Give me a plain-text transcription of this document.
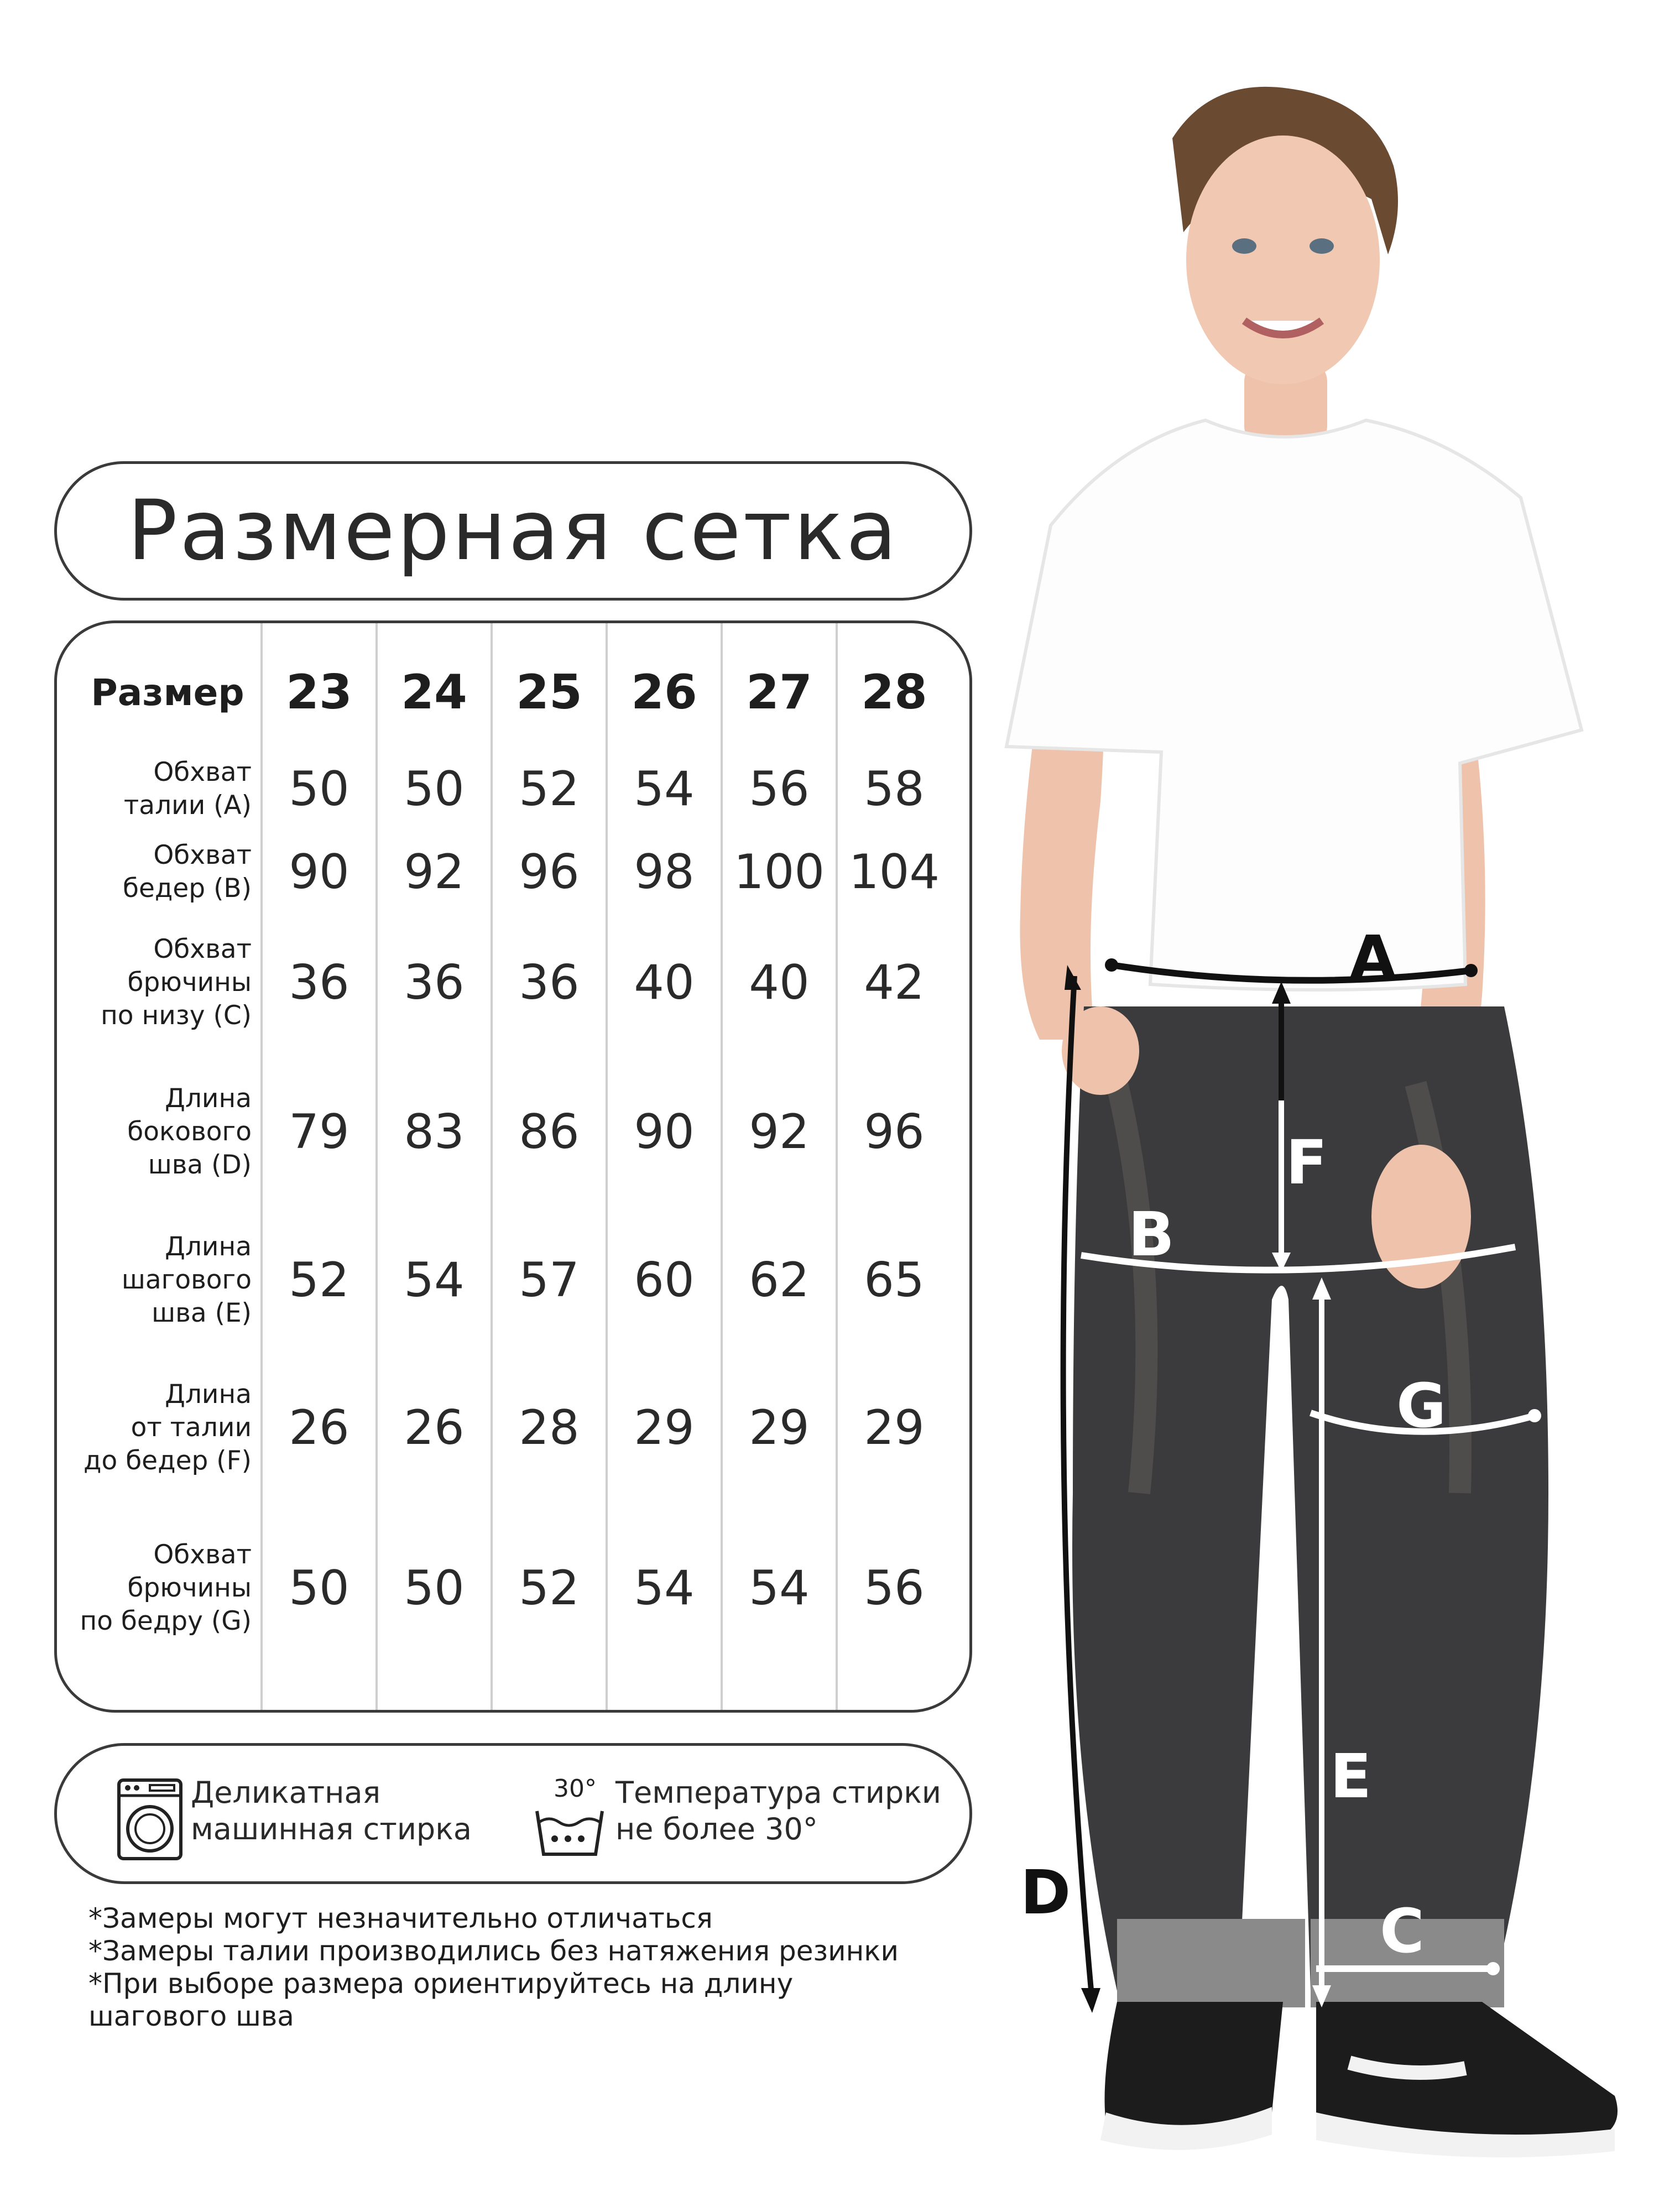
A
F
B
G
E
C
D
Размерная сетка
Размер 23	24	25	26	27	28
Обхват
талии (A) 50	50	52	54	56	58
Обхват
бедер (B) 90	92	96	98 100 104
Обхват
брючины
по низу (C)
36	36	36	40	40	42
Длина
бокового
шва (D)
79	83	86	90	92	96
Длина
шагового
шва (E)
52	54	57	60	62	65
Длина
от талии
до бедер (F)
26	26	28	29	29	29
Обхват
брючины
по бедру (G)
50	50	52	54	54	56
Деликатная
машинная стирка
30° Температура стирки
не более 30°
*Замеры могут незначительно отличаться
*Замеры талии производились без натяжения резинки
*При выборе размера ориентируйтесь на длину
шагового шва
